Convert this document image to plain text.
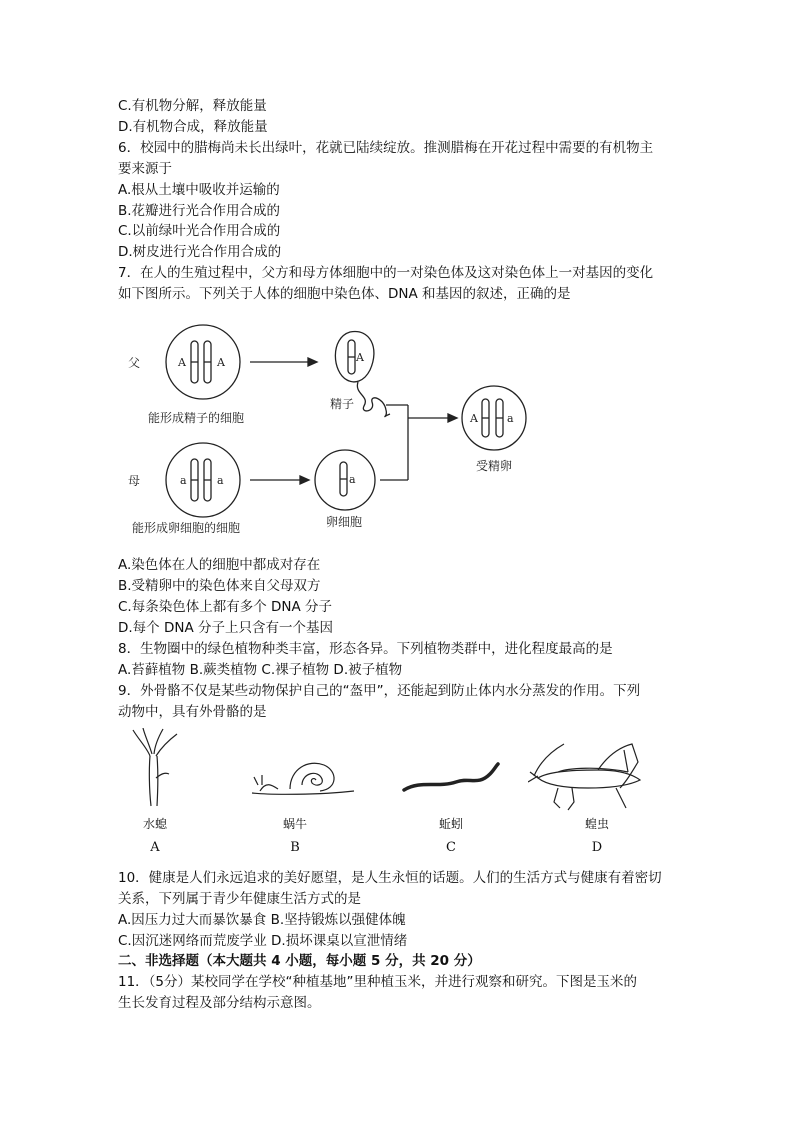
C.有机物分解，释放能量
D.有机物合成，释放能量
6．校园中的腊梅尚未长出绿叶，花就已陆续绽放。推测腊梅在开花过程中需要的有机物主
要来源于
A.根从土壤中吸收并运输的
B.花瓣进行光合作用合成的
C.以前绿叶光合作用合成的
D.树皮进行光合作用合成的
7．在人的生殖过程中，父方和母方体细胞中的一对染色体及这对染色体上一对基因的变化
如下图所示。下列关于人体的细胞中染色体、DNA 和基因的叙述，正确的是
父
母
A	A
a	a
A
a
A	a
能形成精子的细胞
精子
受精卵
卵细胞
能形成卵细胞的细胞
A.染色体在人的细胞中都成对存在
B.受精卵中的染色体来自父母双方
C.每条染色体上都有多个 DNA 分子
D.每个 DNA 分子上只含有一个基因
8．生物圈中的绿色植物种类丰富，形态各异。下列植物类群中，进化程度最高的是
A.苔藓植物 B.蕨类植物 C.裸子植物 D.被子植物
9．外骨骼不仅是某些动物保护自己的“盔甲”，还能起到防止体内水分蒸发的作用。下列
动物中，具有外骨骼的是
水螅
A
蜗牛
B
蚯蚓
C
蝗虫
D
10．健康是人们永远追求的美好愿望，是人生永恒的话题。人们的生活方式与健康有着密切
关系，下列属于青少年健康生活方式的是
A.因压力过大而暴饮暴食 B.坚持锻炼以强健体魄
C.因沉迷网络而荒废学业 D.损坏课桌以宣泄情绪
二、非选择题（本大题共 4 小题，每小题 5 分，共 20 分）
11．（5分）某校同学在学校“种植基地”里种植玉米，并进行观察和研究。下图是玉米的
生长发育过程及部分结构示意图。
